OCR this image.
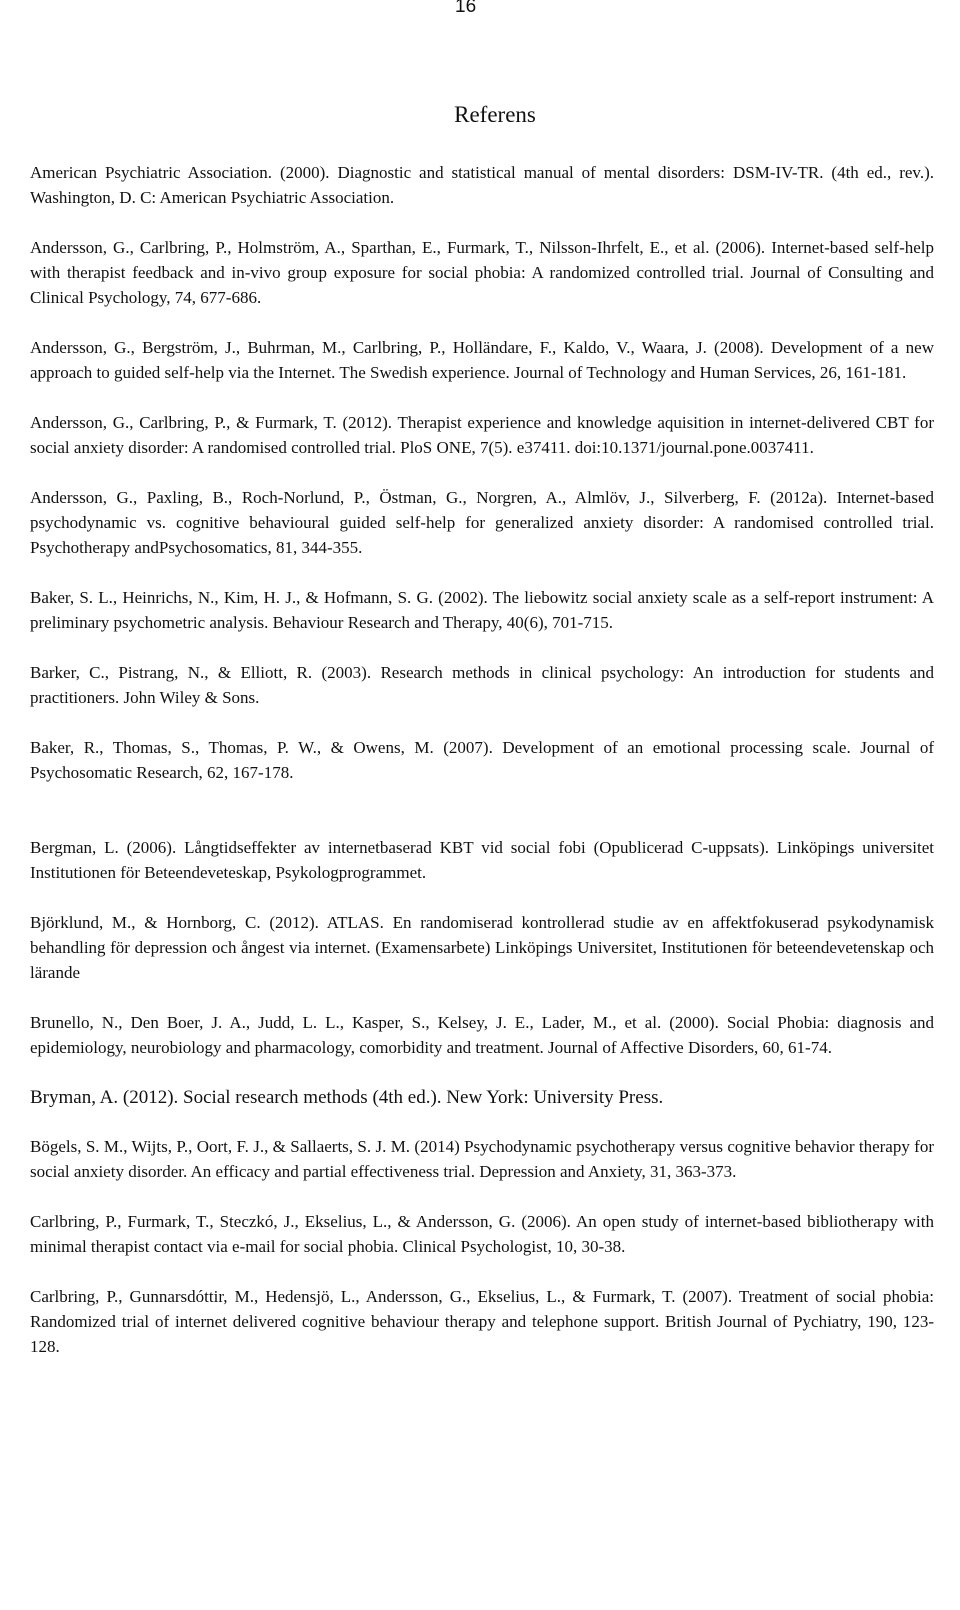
16
Referens

American Psychiatric Association. (2000). Diagnostic and statistical manual of mental disorders: DSM-IV-TR. (4th ed., rev.). Washington, D. C: American Psychiatric Association.

Andersson, G., Carlbring, P., Holmström, A., Sparthan, E., Furmark, T., Nilsson-Ihrfelt, E., et al. (2006). Internet-based self-help with therapist feedback and in-vivo group exposure for social phobia: A randomized controlled trial. Journal of Consulting and Clinical Psychology, 74, 677-686.

Andersson, G., Bergström, J., Buhrman, M., Carlbring, P., Holländare, F., Kaldo, V., Waara, J. (2008). Development of a new approach to guided self-help via the Internet. The Swedish experience. Journal of Technology and Human Services, 26, 161-181.

Andersson, G., Carlbring, P., & Furmark, T. (2012). Therapist experience and knowledge aquisition in internet-delivered CBT for social anxiety disorder: A randomised controlled trial. PloS ONE, 7(5). e37411. doi:10.1371/journal.pone.0037411.

Andersson, G., Paxling, B., Roch-Norlund, P., Östman, G., Norgren, A., Almlöv, J., Silverberg, F. (2012a). Internet-based psychodynamic vs. cognitive behavioural guided self-help for generalized anxiety disorder: A randomised controlled trial. Psychotherapy andPsychosomatics, 81, 344-355.

Baker, S. L., Heinrichs, N., Kim, H. J., & Hofmann, S. G. (2002). The liebowitz social anxiety scale as a self-report instrument: A preliminary psychometric analysis. Behaviour Research and Therapy, 40(6), 701-715.

Barker, C., Pistrang, N., & Elliott, R. (2003). Research methods in clinical psychology: An introduction for students and practitioners. John Wiley & Sons.

Baker, R., Thomas, S., Thomas, P. W., & Owens, M. (2007). Development of an emotional processing scale. Journal of Psychosomatic Research, 62, 167-178.

Bergman, L. (2006). Långtidseffekter av internetbaserad KBT vid social fobi (Opublicerad C-uppsats). Linköpings universitet Institutionen för Beteendeveteskap, Psykologprogrammet.

Björklund, M., & Hornborg, C. (2012). ATLAS. En randomiserad kontrollerad studie av en affektfokuserad psykodynamisk behandling för depression och ångest via internet. (Examensarbete) Linköpings Universitet, Institutionen för beteendevetenskap och lärande

Brunello, N., Den Boer, J. A., Judd, L. L., Kasper, S., Kelsey, J. E., Lader, M., et al. (2000). Social Phobia: diagnosis and epidemiology, neurobiology and pharmacology, comorbidity and treatment. Journal of Affective Disorders, 60, 61-74.

Bryman, A. (2012). Social research methods (4th ed.). New York: University Press.

Bögels, S. M., Wijts, P., Oort, F. J., & Sallaerts, S. J. M. (2014) Psychodynamic psychotherapy versus cognitive behavior therapy for social anxiety disorder. An efficacy and partial effectiveness trial. Depression and Anxiety, 31, 363-373.

Carlbring, P., Furmark, T., Steczkó, J., Ekselius, L., & Andersson, G. (2006). An open study of internet-based bibliotherapy with minimal therapist contact via e-mail for social phobia. Clinical Psychologist, 10, 30-38.

Carlbring, P., Gunnarsdóttir, M., Hedensjö, L., Andersson, G., Ekselius, L., & Furmark, T. (2007). Treatment of social phobia: Randomized trial of internet delivered cognitive behaviour therapy and telephone support. British Journal of Pychiatry, 190, 123- 128.
